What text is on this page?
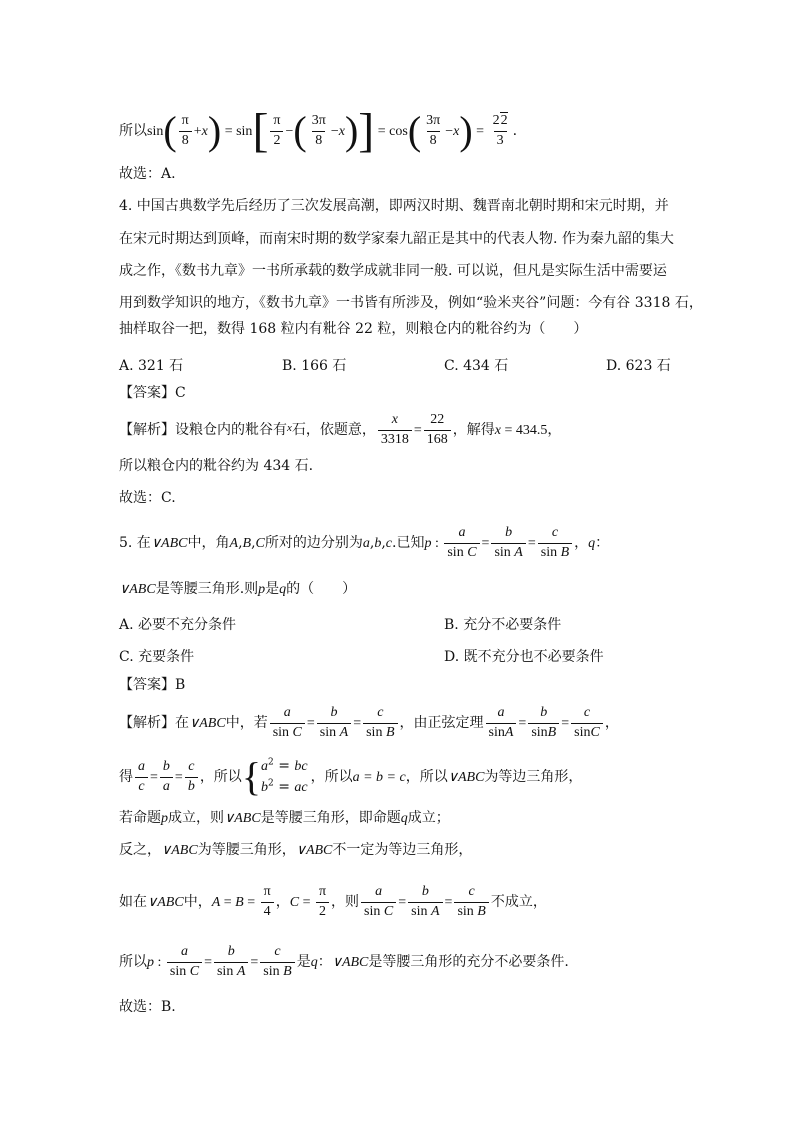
所以$\sin( \frac{\pi}{8} +x) = \sin[ \frac{\pi}{2}$ −( $\frac{3\pi}{8} -x)] = \cos( \frac{3\pi}{8} -x) = \frac{22}{3}$ .
故选：A.
4. 中国古典数学先后经历了三次发展高潮，即两汉时期、魏晋南北朝时期和宋元时期，并
在宋元时期达到顶峰，而南宋时期的数学家秦九韶正是其中的代表人物. 作为秦九韶的集大
成之作，《数书九章》一书所承载的数学成就非同一般. 可以说，但凡是实际生活中需要运
用到数学知识的地方，《数书九章》一书皆有所涉及，例如“验米夹谷”问题：今有谷 3318 石，
抽样取谷一把，数得 168 粒内有粃谷 22 粒，则粮仓内的粃谷约为（　　）
A. 321 石	B. 166 石	C. 434 石	D. 623 石
【答案】C
【解析】设粮仓内的粃谷有$^x$石，依题意， $\frac{x}{3318} = \frac{22}{168}$ ，解得x = 434.5，
所以粮仓内的粃谷约为 434 石.
故选：C.
5. 在∨ABC中，角A,B,C所对的边分别为a,b,c.已知p : $\frac{a}{\text{sin C}} = \frac{b}{\text{sin A}} = \frac{c}{\text{sin B}}$ ，q：
∨ABC是等腰三角形.则p是q的（　　）
A. 必要不充分条件	B. 充分不必要条件
C. 充要条件	D. 既不充分也不必要条件
【答案】B
【解析】在∨ABC中，若 $\frac{a}{\text{sin C}} = \frac{b}{\text{sin A}} = \frac{c}{\text{sin B}}$ ，由正弦定理 $\frac{a}{\sin A} = \frac{b}{\sin B} = \frac{c}{\sin C}$ ，
得 $\frac{a}{c} = \frac{b}{a} = \frac{c}{b}$ ，所以{ $a^2$ = bc
$b^2$ = ac
，所以a = b = c，所以∨ABC为等边三角形，
若命题p成立，则∨ABC是等腰三角形，即命题q成立；
反之，∨ABC为等腰三角形，∨ABC不一定为等边三角形，
如在∨ABC中，$A = B = \frac{\pi}{4}$ ，$C = \frac{\pi}{2}$ ，则 $\frac{a}{\text{sin C}} = \frac{b}{\text{sin A}} = \frac{c}{\text{sin B}}$ 不成立，
所以p : $\frac{a}{\text{sin C}} = \frac{b}{\text{sin A}} = \frac{c}{\text{sin B}}$ 是q：∨ABC是等腰三角形的充分不必要条件.
故选：B.
